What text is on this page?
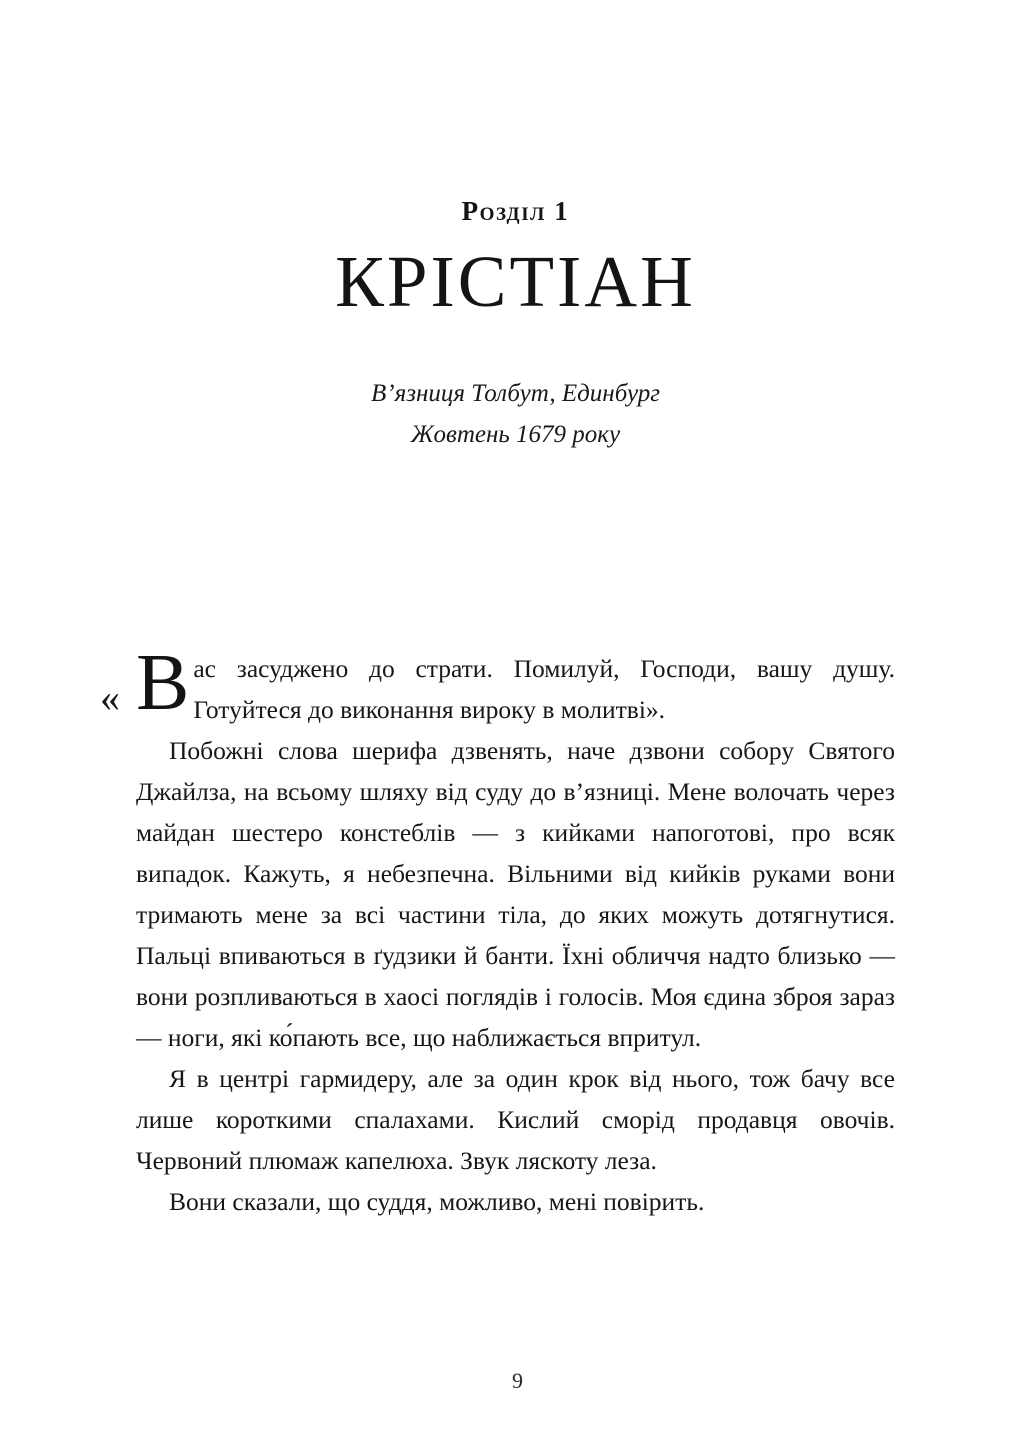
Розділ 1

КРІСТІАН
В’язниця Толбут, Единбург
Жовтень 1679 року

« В ас засуджено до страти. Помилуй, Господи, вашу душу. Готуйтеся до виконання вироку в молитві».

Побожні слова шерифа дзвенять, наче дзвони собору Святого Джайлза, на всьому шляху від суду до в’язниці. Мене волочать через майдан шестеро констеблів — з кийками напоготові, про всяк випадок. Кажуть, я небезпечна. Вільними від кийків руками вони тримають мене за всі частини тіла, до яких можуть дотягнутися. Пальці впиваються в ґудзики й банти. Їхні обличчя надто близько — вони розпливаються в хаосі поглядів і голосів. Моя єдина зброя зараз — ноги, які ко́пають все, що наближається впритул.

Я в центрі гармидеру, але за один крок від нього, тож бачу все лише короткими спалахами. Кислий сморід продавця овочів. Червоний плюмаж капелюха. Звук ляскоту леза.

Вони сказали, що суддя, можливо, мені повірить.

9
